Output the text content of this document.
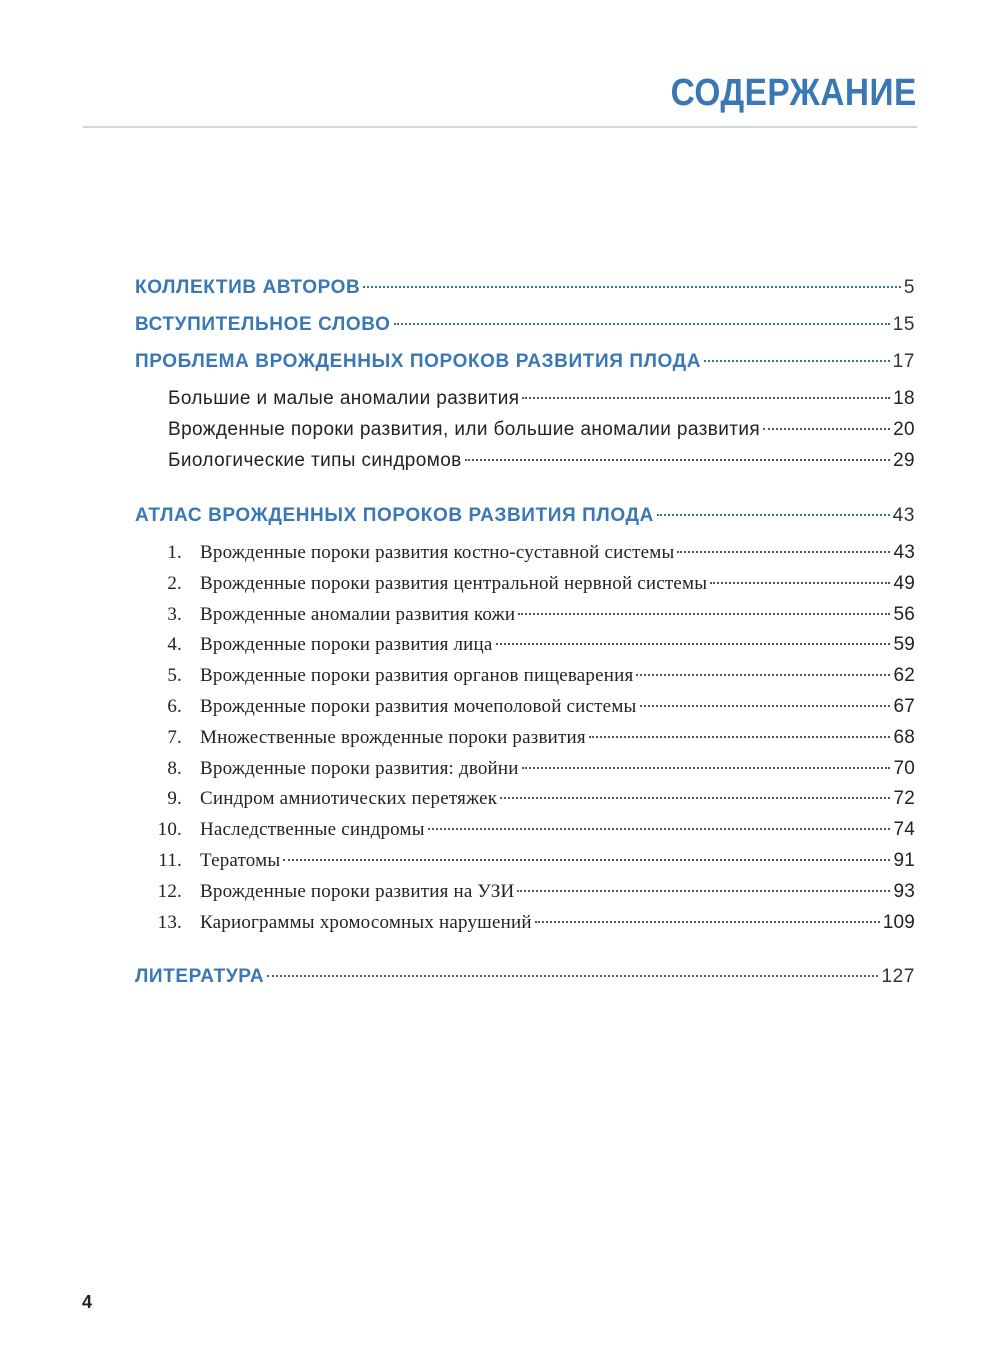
СОДЕРЖАНИЕ
КОЛЛЕКТИВ АВТОРОВ	5
ВСТУПИТЕЛЬНОЕ СЛОВО	15
ПРОБЛЕМА ВРОЖДЕННЫХ ПОРОКОВ РАЗВИТИЯ ПЛОДА	17
Большие и малые аномалии развития	18
Врожденные пороки развития, или большие аномалии развития	20
Биологические типы синдромов	29
АТЛАС ВРОЖДЕННЫХ ПОРОКОВ РАЗВИТИЯ ПЛОДА	43
1. Врожденные пороки развития костно-суставной системы	43
2. Врожденные пороки развития центральной нервной системы	49
3. Врожденные аномалии развития кожи	56
4. Врожденные пороки развития лица	59
5. Врожденные пороки развития органов пищеварения	62
6. Врожденные пороки развития мочеполовой системы	67
7. Множественные врожденные пороки развития	68
8. Врожденные пороки развития: двойни	70
9. Синдром амниотических перетяжек	72
10. Наследственные синдромы	74
11. Тератомы	91
12. Врожденные пороки развития на УЗИ	93
13. Кариограммы хромосомных нарушений	109
ЛИТЕРАТУРА	127
4
